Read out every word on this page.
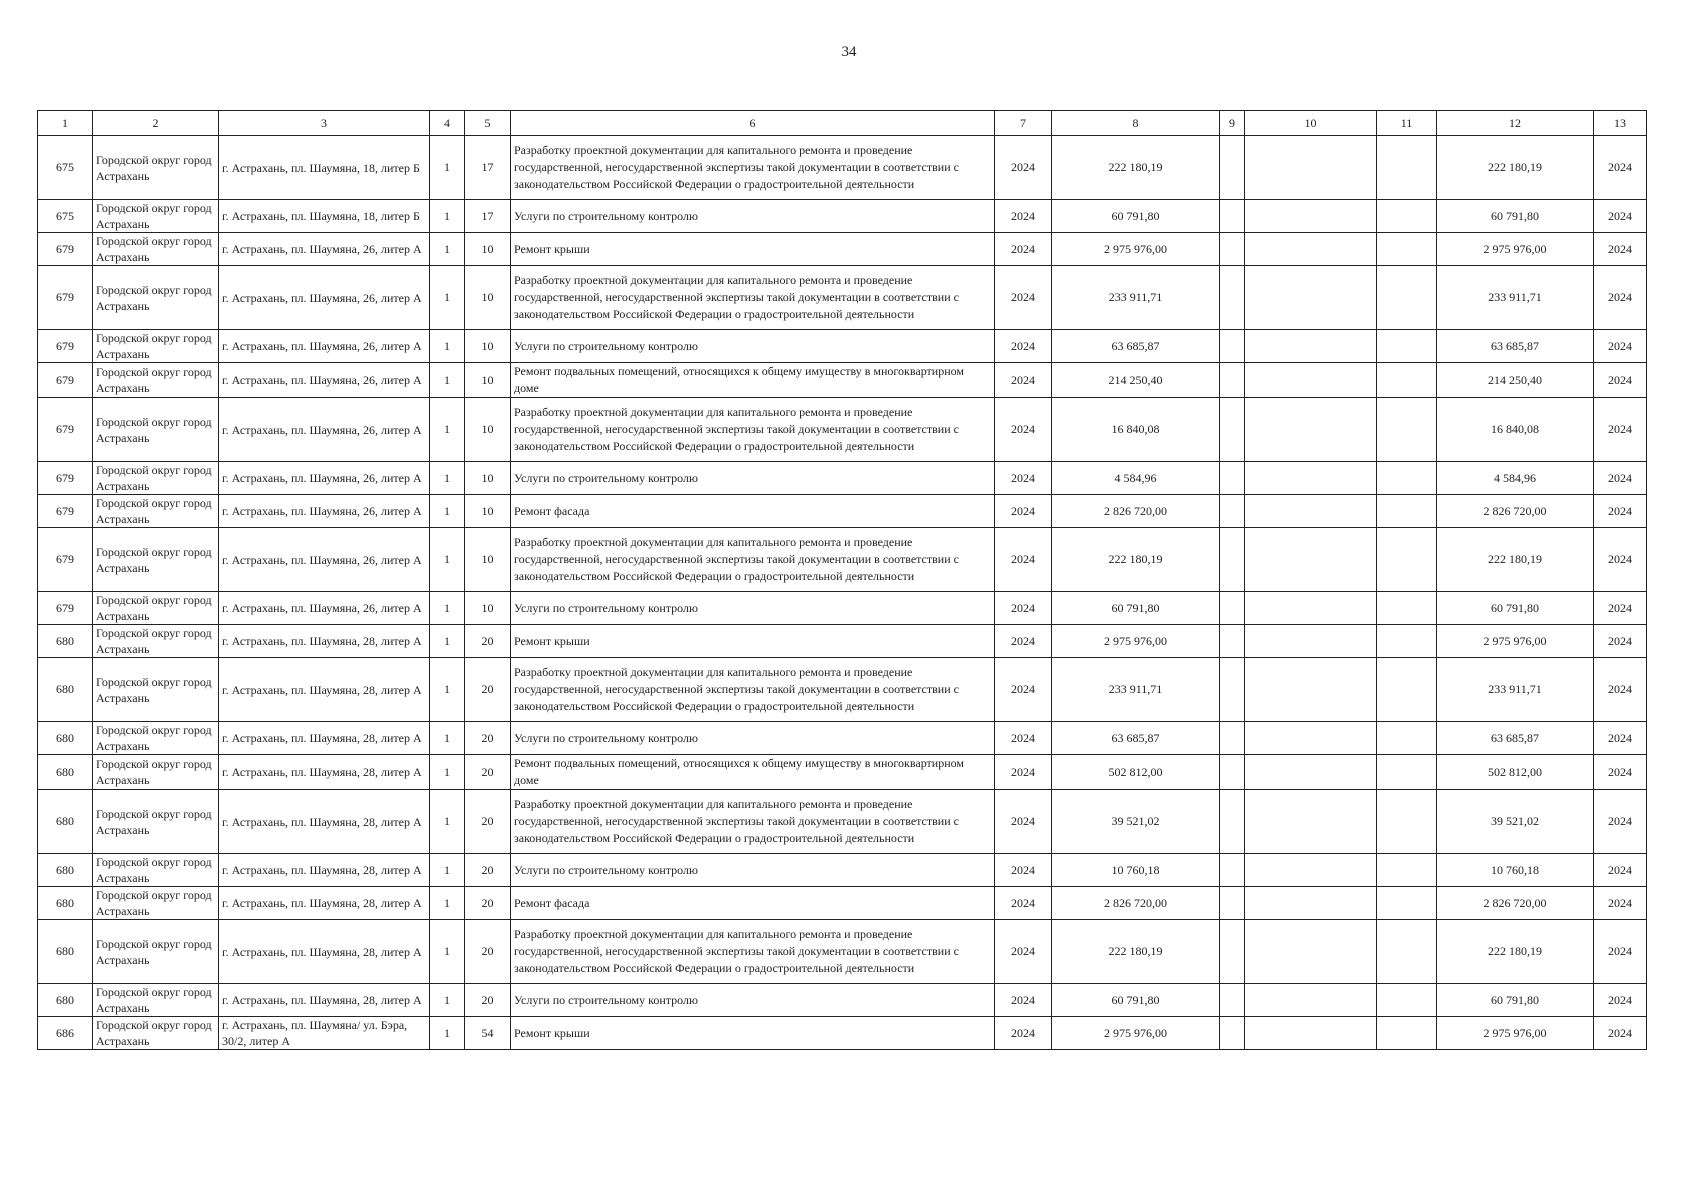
34
1	2	3	4	5	6	7	8	9	10	11	12	13
675	Городской округ город Астрахань	г. Астрахань, пл. Шаумяна, 18, литер Б	1	17	Разработку проектной документации для капитального ремонта и проведение государственной, негосударственной экспертизы такой документации в соответствии с законодательством Российской Федерации о градостроительной деятельности	2024	222 180,19				222 180,19	2024
675	Городской округ город Астрахань	г. Астрахань, пл. Шаумяна, 18, литер Б	1	17	Услуги по строительному контролю	2024	60 791,80				60 791,80	2024
679	Городской округ город Астрахань	г. Астрахань, пл. Шаумяна, 26, литер А	1	10	Ремонт крыши	2024	2 975 976,00				2 975 976,00	2024
679	Городской округ город Астрахань	г. Астрахань, пл. Шаумяна, 26, литер А	1	10	Разработку проектной документации для капитального ремонта и проведение государственной, негосударственной экспертизы такой документации в соответствии с законодательством Российской Федерации о градостроительной деятельности	2024	233 911,71				233 911,71	2024
679	Городской округ город Астрахань	г. Астрахань, пл. Шаумяна, 26, литер А	1	10	Услуги по строительному контролю	2024	63 685,87				63 685,87	2024
679	Городской округ город Астрахань	г. Астрахань, пл. Шаумяна, 26, литер А	1	10	Ремонт подвальных помещений, относящихся к общему имуществу в многоквартирном доме	2024	214 250,40				214 250,40	2024
679	Городской округ город Астрахань	г. Астрахань, пл. Шаумяна, 26, литер А	1	10	Разработку проектной документации для капитального ремонта и проведение государственной, негосударственной экспертизы такой документации в соответствии с законодательством Российской Федерации о градостроительной деятельности	2024	16 840,08				16 840,08	2024
679	Городской округ город Астрахань	г. Астрахань, пл. Шаумяна, 26, литер А	1	10	Услуги по строительному контролю	2024	4 584,96				4 584,96	2024
679	Городской округ город Астрахань	г. Астрахань, пл. Шаумяна, 26, литер А	1	10	Ремонт фасада	2024	2 826 720,00				2 826 720,00	2024
679	Городской округ город Астрахань	г. Астрахань, пл. Шаумяна, 26, литер А	1	10	Разработку проектной документации для капитального ремонта и проведение государственной, негосударственной экспертизы такой документации в соответствии с законодательством Российской Федерации о градостроительной деятельности	2024	222 180,19				222 180,19	2024
679	Городской округ город Астрахань	г. Астрахань, пл. Шаумяна, 26, литер А	1	10	Услуги по строительному контролю	2024	60 791,80				60 791,80	2024
680	Городской округ город Астрахань	г. Астрахань, пл. Шаумяна, 28, литер А	1	20	Ремонт крыши	2024	2 975 976,00				2 975 976,00	2024
680	Городской округ город Астрахань	г. Астрахань, пл. Шаумяна, 28, литер А	1	20	Разработку проектной документации для капитального ремонта и проведение государственной, негосударственной экспертизы такой документации в соответствии с законодательством Российской Федерации о градостроительной деятельности	2024	233 911,71				233 911,71	2024
680	Городской округ город Астрахань	г. Астрахань, пл. Шаумяна, 28, литер А	1	20	Услуги по строительному контролю	2024	63 685,87				63 685,87	2024
680	Городской округ город Астрахань	г. Астрахань, пл. Шаумяна, 28, литер А	1	20	Ремонт подвальных помещений, относящихся к общему имуществу в многоквартирном доме	2024	502 812,00				502 812,00	2024
680	Городской округ город Астрахань	г. Астрахань, пл. Шаумяна, 28, литер А	1	20	Разработку проектной документации для капитального ремонта и проведение государственной, негосударственной экспертизы такой документации в соответствии с законодательством Российской Федерации о градостроительной деятельности	2024	39 521,02				39 521,02	2024
680	Городской округ город Астрахань	г. Астрахань, пл. Шаумяна, 28, литер А	1	20	Услуги по строительному контролю	2024	10 760,18				10 760,18	2024
680	Городской округ город Астрахань	г. Астрахань, пл. Шаумяна, 28, литер А	1	20	Ремонт фасада	2024	2 826 720,00				2 826 720,00	2024
680	Городской округ город Астрахань	г. Астрахань, пл. Шаумяна, 28, литер А	1	20	Разработку проектной документации для капитального ремонта и проведение государственной, негосударственной экспертизы такой документации в соответствии с законодательством Российской Федерации о градостроительной деятельности	2024	222 180,19				222 180,19	2024
680	Городской округ город Астрахань	г. Астрахань, пл. Шаумяна, 28, литер А	1	20	Услуги по строительному контролю	2024	60 791,80				60 791,80	2024
686	Городской округ город Астрахань	г. Астрахань, пл. Шаумяна/ ул. Бэра, 30/2, литер А	1	54	Ремонт крыши	2024	2 975 976,00				2 975 976,00	2024
